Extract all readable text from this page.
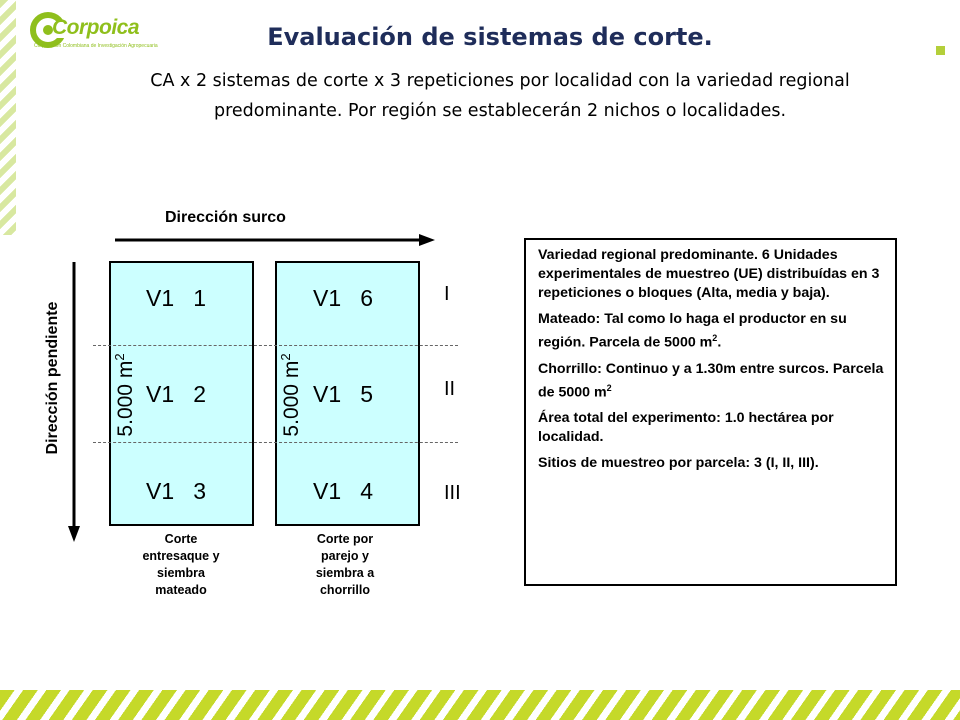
Corpoica
Corporación Colombiana de Investigación Agropecuaria	Evaluación de sistemas de corte.
CA x 2 sistemas de corte x 3 repeticiones por localidad con la variedad regional
predominante. Por región se establecerán 2 nichos o localidades.
Dirección surco
Dirección pendiente
V1   1
V1   2
V1   3
V1   6
V1   5
V1   4
5.000 $m^2$
5.000 $m^2$
I
II
III
Corte
entresaque y
siembra
mateado
Corte por
parejo y
siembra a
chorrillo

Variedad regional predominante. 6 Unidades experimentales de muestreo (UE) distribuídas en 3 repeticiones o bloques (Alta, media y baja).

Mateado: Tal como lo haga el productor en su región. Parcela de 5000 $m^2$.

Chorrillo: Continuo y a 1.30m entre surcos. Parcela de 5000 $m^2$

Área total del experimento: 1.0 hectárea por localidad.

Sitios de muestreo por parcela: 3 (I, II, III).
